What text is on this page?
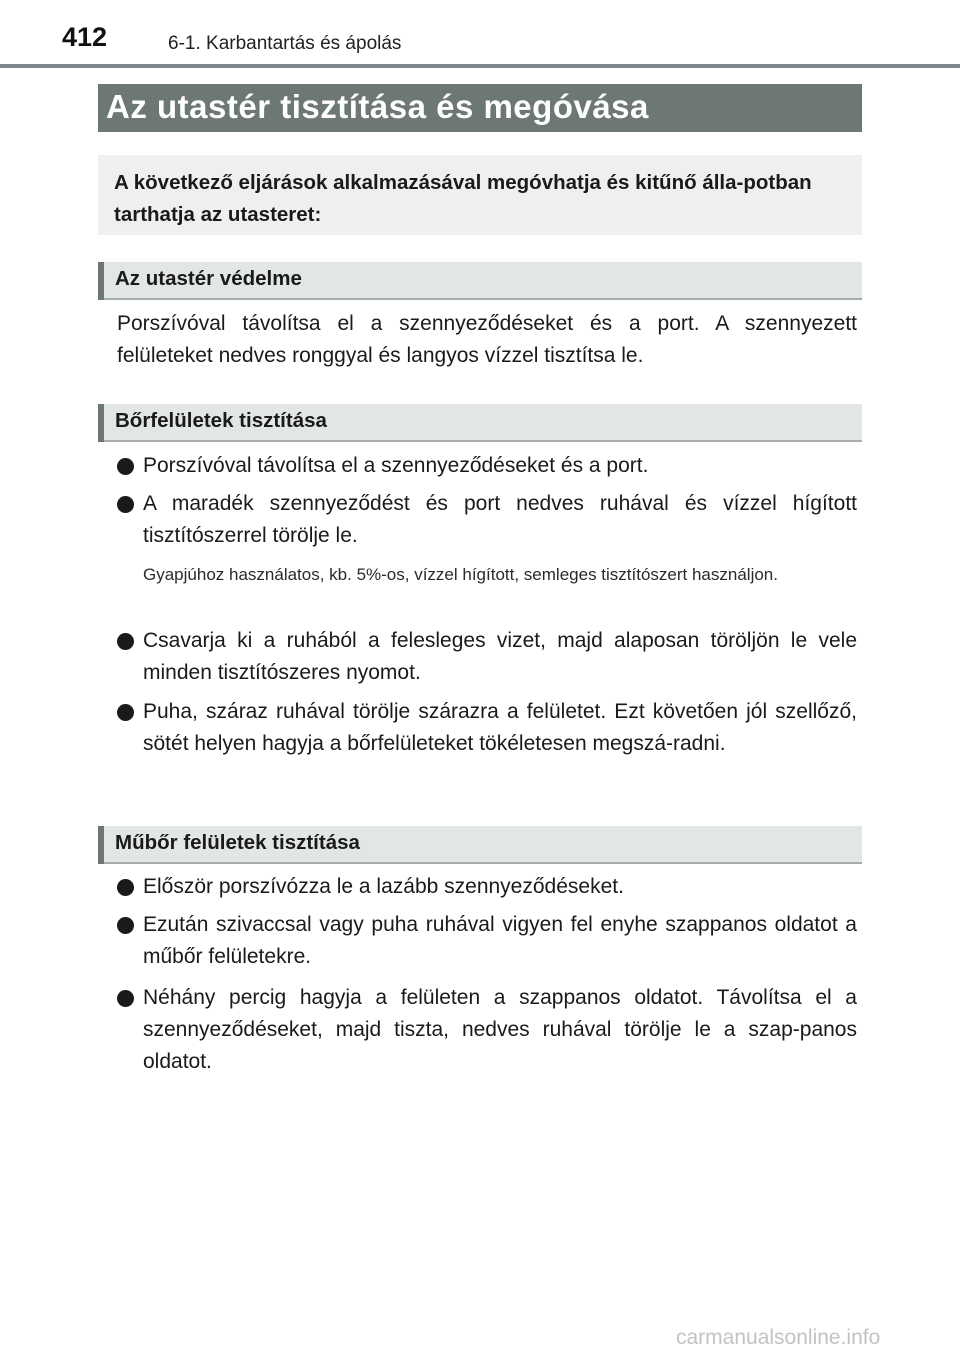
412	6-1. Karbantartás és ápolás
Az utastér tisztítása és megóvása
A következő eljárások alkalmazásával megóvhatja és kitűnő álla-potban tarthatja az utasteret:
Az utastér védelme
Porszívóval távolítsa el a szennyeződéseket és a port. A szennyezett felületeket nedves ronggyal és langyos vízzel tisztítsa le.
Bőrfelületek tisztítása
Porszívóval távolítsa el a szennyeződéseket és a port.
A maradék szennyeződést és port nedves ruhával és vízzel hígított tisztítószerrel törölje le.
Gyapjúhoz használatos, kb. 5%-os, vízzel hígított, semleges tisztítószert használjon.
Csavarja ki a ruhából a felesleges vizet, majd alaposan töröljön le vele minden tisztítószeres nyomot.
Puha, száraz ruhával törölje szárazra a felületet. Ezt követően jól szellőző, sötét helyen hagyja a bőrfelületeket tökéletesen megszá-radni.
Műbőr felületek tisztítása
Először porszívózza le a lazább szennyeződéseket.
Ezután szivaccsal vagy puha ruhával vigyen fel enyhe szappanos oldatot a műbőr felületekre.
Néhány percig hagyja a felületen a szappanos oldatot. Távolítsa el a szennyeződéseket, majd tiszta, nedves ruhával törölje le a szap-panos oldatot.
carmanualsonline.info
